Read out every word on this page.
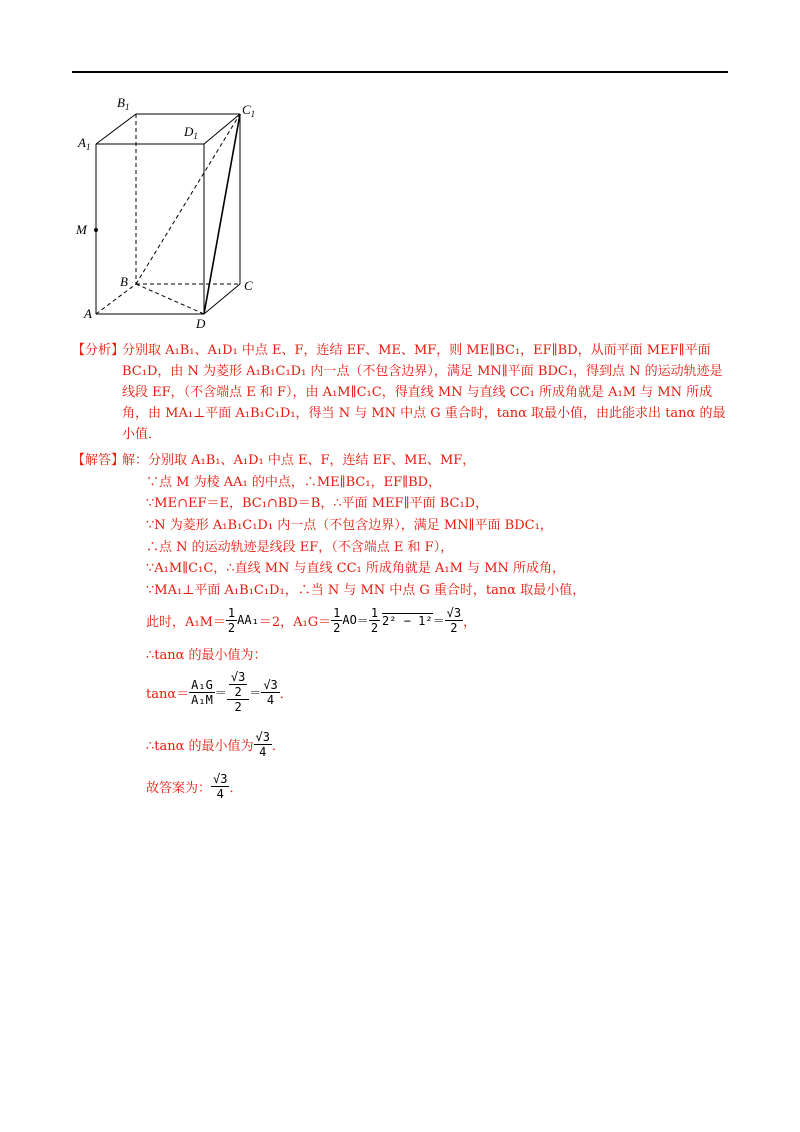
$B_1$	$C_1$
$A_1$
$D_1$
M
B	C
A
D
【分析】
分别取 A₁B₁、A₁D₁ 中点 E、F，连结 EF、ME、MF，则 ME∥BC₁，EF∥BD，从而平面 MEF∥平面 BC₁D，由 N 为菱形 A₁B₁C₁D₁ 内一点（不包含边界），满足 MN∥平面 BDC₁，得到点 N 的运动轨迹是线段 EF，（不含端点 E 和 F），由 A₁M∥C₁C，得直线 MN 与直线 CC₁ 所成角就是 A₁M 与 MN 所成角，由 MA₁⊥平面 A₁B₁C₁D₁，得当 N 与 MN 中点 G 重合时，tanα 取最小值，由此能求出 tanα 的最小值．
【解答】
解：分别取 A₁B₁、A₁D₁ 中点 E、F，连结 EF、ME、MF，
∵点 M 为棱 AA₁ 的中点，∴ME∥BC₁，EF∥BD，
∵ME∩EF＝E，BC₁∩BD＝B，∴平面 MEF∥平面 BC₁D，
∵N 为菱形 A₁B₁C₁D₁ 内一点（不包含边界），满足 MN∥平面 BDC₁，
∴点 N 的运动轨迹是线段 EF，（不含端点 E 和 F），
∵A₁M∥C₁C，∴直线 MN 与直线 CC₁ 所成角就是 A₁M 与 MN 所成角，
∵MA₁⊥平面 A₁B₁C₁D₁，∴当 N 与 MN 中点 G 重合时，tanα 取最小值，
此时，$A_1M= \frac{1}{2} AA_1 =2$，$A_1G= \frac{1}{2}$ AO ＝ $\frac{1}{2} 2^2 - 1^2 = \frac{√3}{2}$ ，
∴tanα 的最小值为：
$\tan\alpha= \frac{\text{A₁G}}{\text{A₁M}} = \frac{\frac{√3}{2}}{2} = \frac{√3}{4}$ ．
∴tanα 的最小值为 $\frac{√3}{4}$ ．
故答案为： $\frac{√3}{4}$ ．
